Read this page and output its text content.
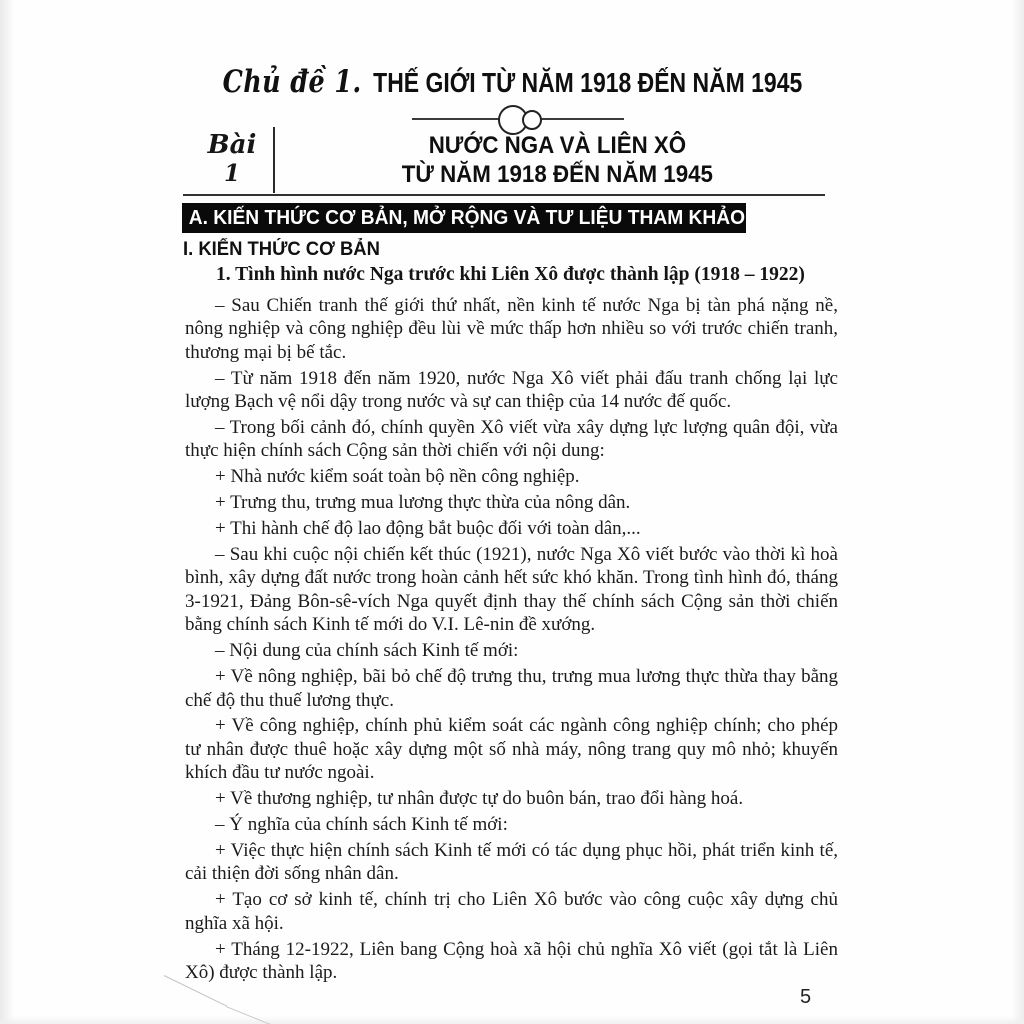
Chủ đề 1. THẾ GIỚI TỪ NĂM 1918 ĐẾN NĂM 1945
Bài
1
NƯỚC NGA VÀ LIÊN XÔ
TỪ NĂM 1918 ĐẾN NĂM 1945
A. KIẾN THỨC CƠ BẢN, MỞ RỘNG VÀ TƯ LIỆU THAM KHẢO
I. KIẾN THỨC CƠ BẢN
1. Tình hình nước Nga trước khi Liên Xô được thành lập (1918 – 1922)

– Sau Chiến tranh thế giới thứ nhất, nền kinh tế nước Nga bị tàn phá nặng nề, nông nghiệp và công nghiệp đều lùi về mức thấp hơn nhiều so với trước chiến tranh, thương mại bị bế tắc.

– Từ năm 1918 đến năm 1920, nước Nga Xô viết phải đấu tranh chống lại lực lượng Bạch vệ nổi dậy trong nước và sự can thiệp của 14 nước đế quốc.

– Trong bối cảnh đó, chính quyền Xô viết vừa xây dựng lực lượng quân đội, vừa thực hiện chính sách Cộng sản thời chiến với nội dung:

+ Nhà nước kiểm soát toàn bộ nền công nghiệp.

+ Trưng thu, trưng mua lương thực thừa của nông dân.

+ Thi hành chế độ lao động bắt buộc đối với toàn dân,...

– Sau khi cuộc nội chiến kết thúc (1921), nước Nga Xô viết bước vào thời kì hoà bình, xây dựng đất nước trong hoàn cảnh hết sức khó khăn. Trong tình hình đó, tháng 3-1921, Đảng Bôn-sê-vích Nga quyết định thay thế chính sách Cộng sản thời chiến bằng chính sách Kinh tế mới do V.I. Lê-nin đề xướng.

– Nội dung của chính sách Kinh tế mới:

+ Về nông nghiệp, bãi bỏ chế độ trưng thu, trưng mua lương thực thừa thay bằng chế độ thu thuế lương thực.

+ Về công nghiệp, chính phủ kiểm soát các ngành công nghiệp chính; cho phép tư nhân được thuê hoặc xây dựng một số nhà máy, nông trang quy mô nhỏ; khuyến khích đầu tư nước ngoài.

+ Về thương nghiệp, tư nhân được tự do buôn bán, trao đổi hàng hoá.

– Ý nghĩa của chính sách Kinh tế mới:

+ Việc thực hiện chính sách Kinh tế mới có tác dụng phục hồi, phát triển kinh tế, cải thiện đời sống nhân dân.

+ Tạo cơ sở kinh tế, chính trị cho Liên Xô bước vào công cuộc xây dựng chủ nghĩa xã hội.

+ Tháng 12-1922, Liên bang Cộng hoà xã hội chủ nghĩa Xô viết (gọi tắt là Liên Xô) được thành lập.

5
